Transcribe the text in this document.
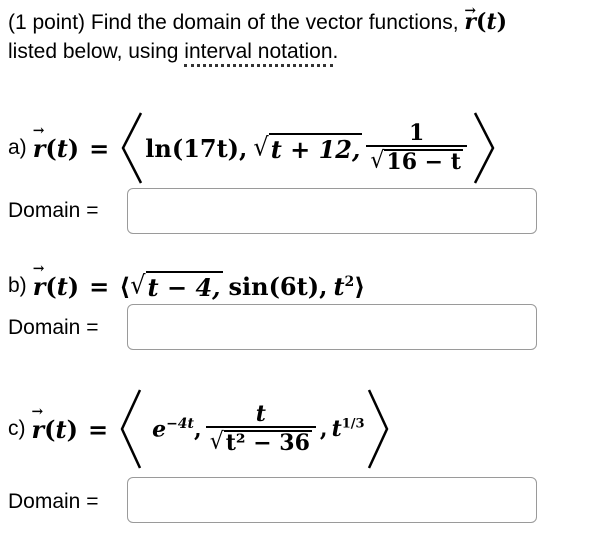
(1 point) Find the domain of the vector functions, r →(t)
listed below, using interval notation.
a) r →(t) = ln(17t), √ t + 12, $\frac{1}{√ 16 - t}$
Domain =
b) r →(t) = ⟨ √ t − 4, sin(6t), $t^2$ ⟩
Domain =
c) $r \to(t) = e^{-4t}$, $\frac{t}{\text{√ t² − 36}}$ , $t^{1/3}$
Domain =
